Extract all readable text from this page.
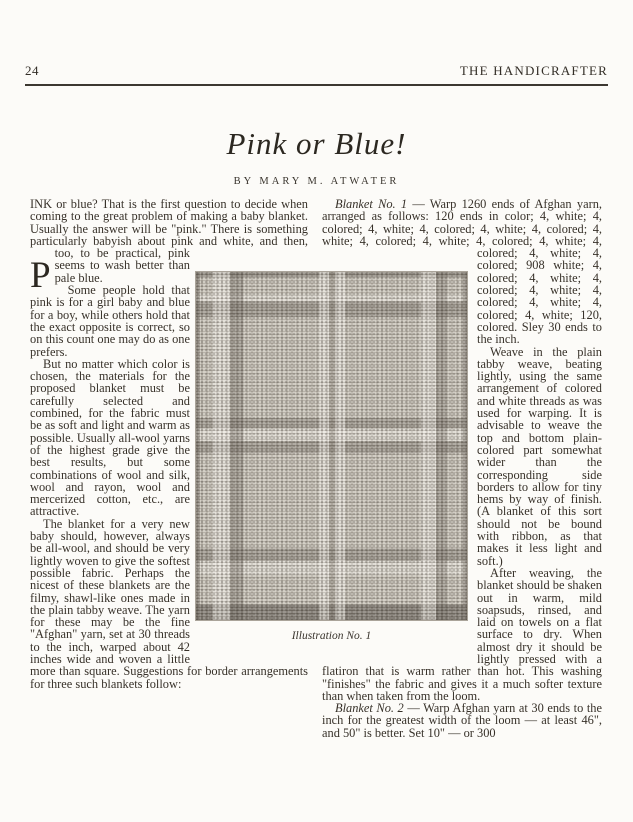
24	THE HANDICRAFTER
Pink or Blue!
BY MARY M. ATWATER

P
INK or blue? That is the first question to decide when coming to the great problem of making a baby blanket. Usually the answer will be "pink." There is something particularly babyish about pink and white, and then, too, to be practical, pink seems to wash better than pale blue.

Some people hold that pink is for a girl baby and blue for a boy, while others hold that the exact opposite is correct, so on this count one may do as one prefers.

But no matter which color is chosen, the materials for the proposed blanket must be carefully selected and combined, for the fabric must be as soft and light and warm as possible. Usually all-wool yarns of the highest grade give the best results, but some combinations of wool and silk, wool and rayon, wool and mercerized cotton, etc., are attractive.

The blanket for a very new baby should, however, always be all-wool, and should be very lightly woven to give the softest possible fabric. Perhaps the nicest of these blankets are the filmy, shawl-like ones made in the plain tabby weave. The yarn for these may be the fine "Afghan" yarn, set at 30 threads to the inch, warped about 42 inches wide and woven a little more than square. Suggestions for border arrangements for three such blankets follow:

Blanket No. 1 — Warp 1260 ends of Afghan yarn, arranged as follows: 120 ends in color; 4, white; 4, colored; 4, white; 4, colored; 4, white; 4, colored; 4, white; 4, colored; 4, white; 4, colored; 4, white; 4, colored; 4, white; 4, colored; 908 white; 4, colored; 4, white; 4, colored; 4, white; 4, colored; 4, white; 4, colored; 4, white; 120, colored. Sley 30 ends to the inch.

Weave in the plain tabby weave, beating lightly, using the same arrangement of colored and white threads as was used for warping. It is advisable to weave the top and bottom plain-colored part somewhat wider than the corresponding side borders to allow for tiny hems by way of finish. (A blanket of this sort should not be bound with ribbon, as that makes it less light and soft.)

After weaving, the blanket should be shaken out in warm, mild soapsuds, rinsed, and laid on towels on a flat surface to dry. When almost dry it should be lightly pressed with a flatiron that is warm rather than hot. This washing "finishes" the fabric and gives it a much softer texture than when taken from the loom.

Blanket No. 2 — Warp Afghan yarn at 30 ends to the inch for the greatest width of the loom — at least 46", and 50" is better. Set 10" — or 300

Illustration No. 1
